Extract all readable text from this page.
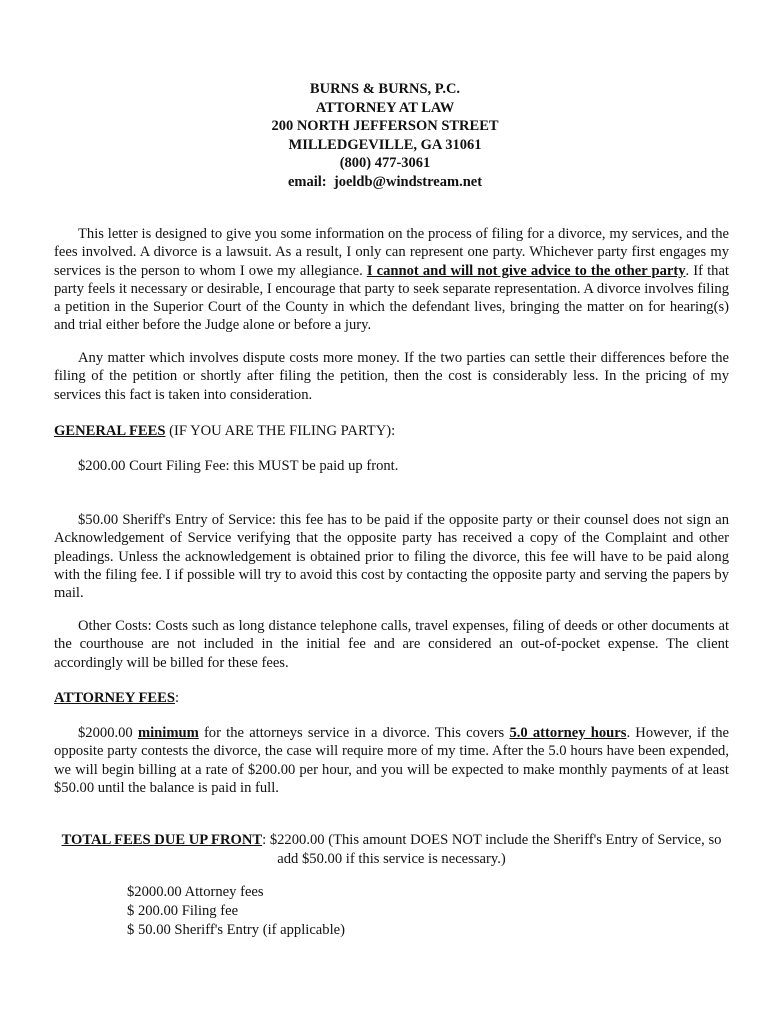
BURNS & BURNS, P.C.
ATTORNEY AT LAW
200 NORTH JEFFERSON STREET
MILLEDGEVILLE, GA 31061
(800) 477-3061
email: joeldb@windstream.net
This letter is designed to give you some information on the process of filing for a divorce, my services, and the fees involved. A divorce is a lawsuit. As a result, I only can represent one party. Whichever party first engages my services is the person to whom I owe my allegiance. I cannot and will not give advice to the other party. If that party feels it necessary or desirable, I encourage that party to seek separate representation. A divorce involves filing a petition in the Superior Court of the County in which the defendant lives, bringing the matter on for hearing(s) and trial either before the Judge alone or before a jury.
Any matter which involves dispute costs more money. If the two parties can settle their differences before the filing of the petition or shortly after filing the petition, then the cost is considerably less. In the pricing of my services this fact is taken into consideration.
GENERAL FEES (IF YOU ARE THE FILING PARTY):
$200.00 Court Filing Fee: this MUST be paid up front.
$50.00 Sheriff's Entry of Service: this fee has to be paid if the opposite party or their counsel does not sign an Acknowledgement of Service verifying that the opposite party has received a copy of the Complaint and other pleadings. Unless the acknowledgement is obtained prior to filing the divorce, this fee will have to be paid along with the filing fee. I if possible will try to avoid this cost by contacting the opposite party and serving the papers by mail.
Other Costs: Costs such as long distance telephone calls, travel expenses, filing of deeds or other documents at the courthouse are not included in the initial fee and are considered an out-of-pocket expense. The client accordingly will be billed for these fees.
ATTORNEY FEES:
$2000.00 minimum for the attorneys service in a divorce. This covers 5.0 attorney hours. However, if the opposite party contests the divorce, the case will require more of my time. After the 5.0 hours have been expended, we will begin billing at a rate of $200.00 per hour, and you will be expected to make monthly payments of at least $50.00 until the balance is paid in full.
TOTAL FEES DUE UP FRONT: $2200.00 (This amount DOES NOT include the Sheriff's Entry of Service, so add $50.00 if this service is necessary.)
$2000.00 Attorney fees
$ 200.00 Filing fee
$ 50.00 Sheriff's Entry (if applicable)
